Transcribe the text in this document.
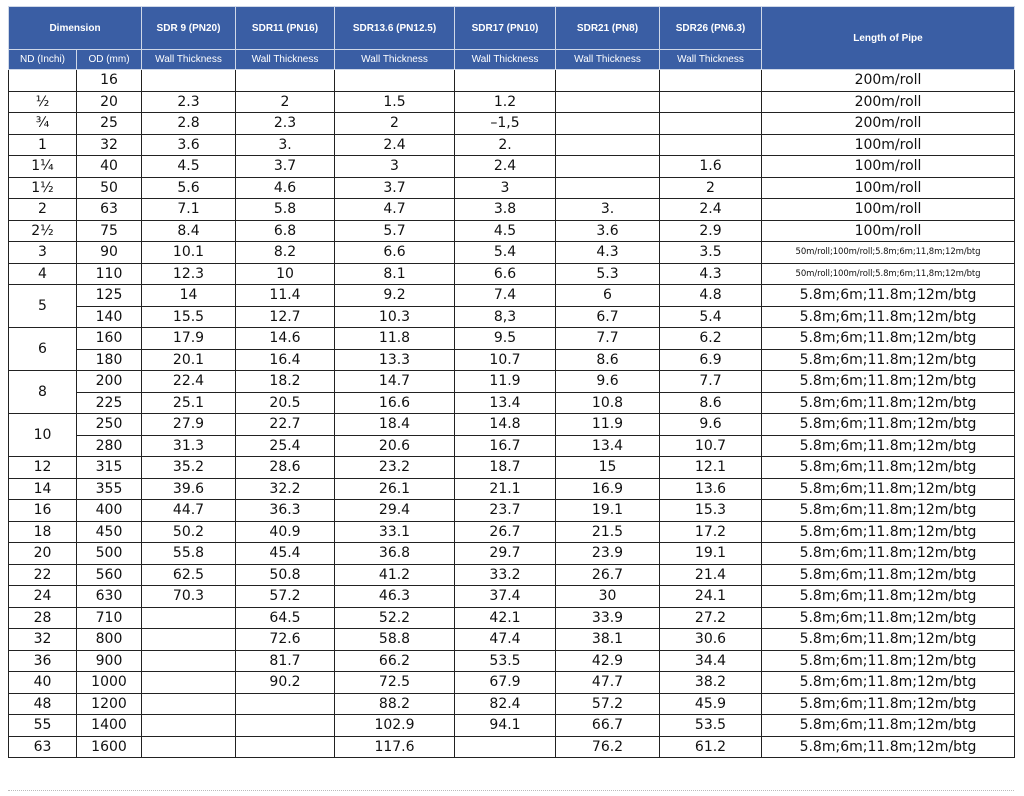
Dimension		SDR 9 (PN20)	SDR11 (PN16)	SDR13.6 (PN12.5)	SDR17 (PN10)	SDR21 (PN8)	SDR26 (PN6.3)	Length of Pipe
ND (Inchi)	OD (mm)	Wall Thickness	Wall Thickness	Wall Thickness	Wall Thickness	Wall Thickness	Wall Thickness	
	16							200m/roll
½	20	2.3	2	1.5	1.2			200m/roll
¾	25	2.8	2.3	2	–1,5			200m/roll
1	32	3.6	3.	2.4	2.			100m/roll
1¼	40	4.5	3.7	3	2.4		1.6	100m/roll
1½	50	5.6	4.6	3.7	3		2	100m/roll
2	63	7.1	5.8	4.7	3.8	3.	2.4	100m/roll
2½	75	8.4	6.8	5.7	4.5	3.6	2.9	100m/roll
3	90	10.1	8.2	6.6	5.4	4.3	3.5	50m/roll;100m/roll;5.8m;6m;11,8m;12m/btg
4	110	12.3	10	8.1	6.6	5.3	4.3	50m/roll;100m/roll;5.8m;6m;11,8m;12m/btg
5	125	14	11.4	9.2	7.4	6	4.8	5.8m;6m;11.8m;12m/btg
	140	15.5	12.7	10.3	8,3	6.7	5.4	5.8m;6m;11.8m;12m/btg
6	160	17.9	14.6	11.8	9.5	7.7	6.2	5.8m;6m;11.8m;12m/btg
	180	20.1	16.4	13.3	10.7	8.6	6.9	5.8m;6m;11.8m;12m/btg
8	200	22.4	18.2	14.7	11.9	9.6	7.7	5.8m;6m;11.8m;12m/btg
	225	25.1	20.5	16.6	13.4	10.8	8.6	5.8m;6m;11.8m;12m/btg
10	250	27.9	22.7	18.4	14.8	11.9	9.6	5.8m;6m;11.8m;12m/btg
	280	31.3	25.4	20.6	16.7	13.4	10.7	5.8m;6m;11.8m;12m/btg
12	315	35.2	28.6	23.2	18.7	15	12.1	5.8m;6m;11.8m;12m/btg
14	355	39.6	32.2	26.1	21.1	16.9	13.6	5.8m;6m;11.8m;12m/btg
16	400	44.7	36.3	29.4	23.7	19.1	15.3	5.8m;6m;11.8m;12m/btg
18	450	50.2	40.9	33.1	26.7	21.5	17.2	5.8m;6m;11.8m;12m/btg
20	500	55.8	45.4	36.8	29.7	23.9	19.1	5.8m;6m;11.8m;12m/btg
22	560	62.5	50.8	41.2	33.2	26.7	21.4	5.8m;6m;11.8m;12m/btg
24	630	70.3	57.2	46.3	37.4	30	24.1	5.8m;6m;11.8m;12m/btg
28	710		64.5	52.2	42.1	33.9	27.2	5.8m;6m;11.8m;12m/btg
32	800		72.6	58.8	47.4	38.1	30.6	5.8m;6m;11.8m;12m/btg
36	900		81.7	66.2	53.5	42.9	34.4	5.8m;6m;11.8m;12m/btg
40	1000		90.2	72.5	67.9	47.7	38.2	5.8m;6m;11.8m;12m/btg
48	1200			88.2	82.4	57.2	45.9	5.8m;6m;11.8m;12m/btg
55	1400			102.9	94.1	66.7	53.5	5.8m;6m;11.8m;12m/btg
63	1600			117.6		76.2	61.2	5.8m;6m;11.8m;12m/btg
